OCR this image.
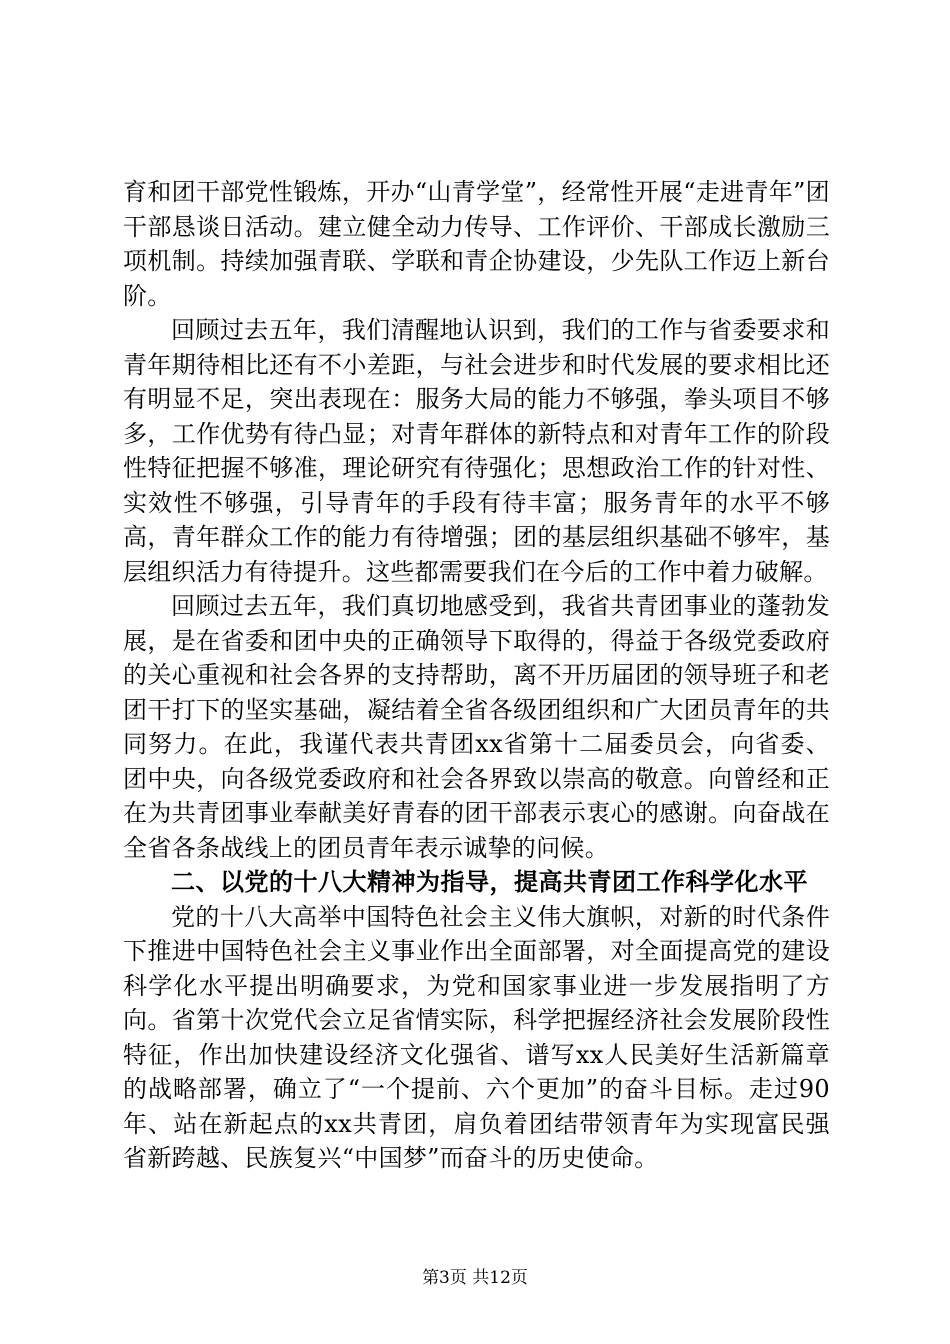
育和团干部党性锻炼，开办“山青学堂”，经常性开展“走进青年”团干部恳谈日活动。建立健全动力传导、工作评价、干部成长激励三项机制。持续加强青联、学联和青企协建设，少先队工作迈上新台阶。

回顾过去五年，我们清醒地认识到，我们的工作与省委要求和青年期待相比还有不小差距，与社会进步和时代发展的要求相比还有明显不足，突出表现在：服务大局的能力不够强，拳头项目不够多，工作优势有待凸显；对青年群体的新特点和对青年工作的阶段性特征把握不够准，理论研究有待强化；思想政治工作的针对性、实效性不够强，引导青年的手段有待丰富；服务青年的水平不够高，青年群众工作的能力有待增强；团的基层组织基础不够牢，基层组织活力有待提升。这些都需要我们在今后的工作中着力破解。

回顾过去五年，我们真切地感受到，我省共青团事业的蓬勃发展，是在省委和团中央的正确领导下取得的，得益于各级党委政府的关心重视和社会各界的支持帮助，离不开历届团的领导班子和老团干打下的坚实基础，凝结着全省各级团组织和广大团员青年的共同努力。在此，我谨代表共青团xx省第十二届委员会，向省委、团中央，向各级党委政府和社会各界致以崇高的敬意。向曾经和正在为共青团事业奉献美好青春的团干部表示衷心的感谢。向奋战在全省各条战线上的团员青年表示诚挚的问候。

二、以党的十八大精神为指导，提高共青团工作科学化水平

党的十八大高举中国特色社会主义伟大旗帜，对新的时代条件下推进中国特色社会主义事业作出全面部署，对全面提高党的建设科学化水平提出明确要求，为党和国家事业进一步发展指明了方向。省第十次党代会立足省情实际，科学把握经济社会发展阶段性特征，作出加快建设经济文化强省、谱写xx人民美好生活新篇章的战略部署，确立了“一个提前、六个更加”的奋斗目标。走过90年、站在新起点的xx共青团，肩负着团结带领青年为实现富民强省新跨越、民族复兴“中国梦”而奋斗的历史使命。

第3页 共12页
